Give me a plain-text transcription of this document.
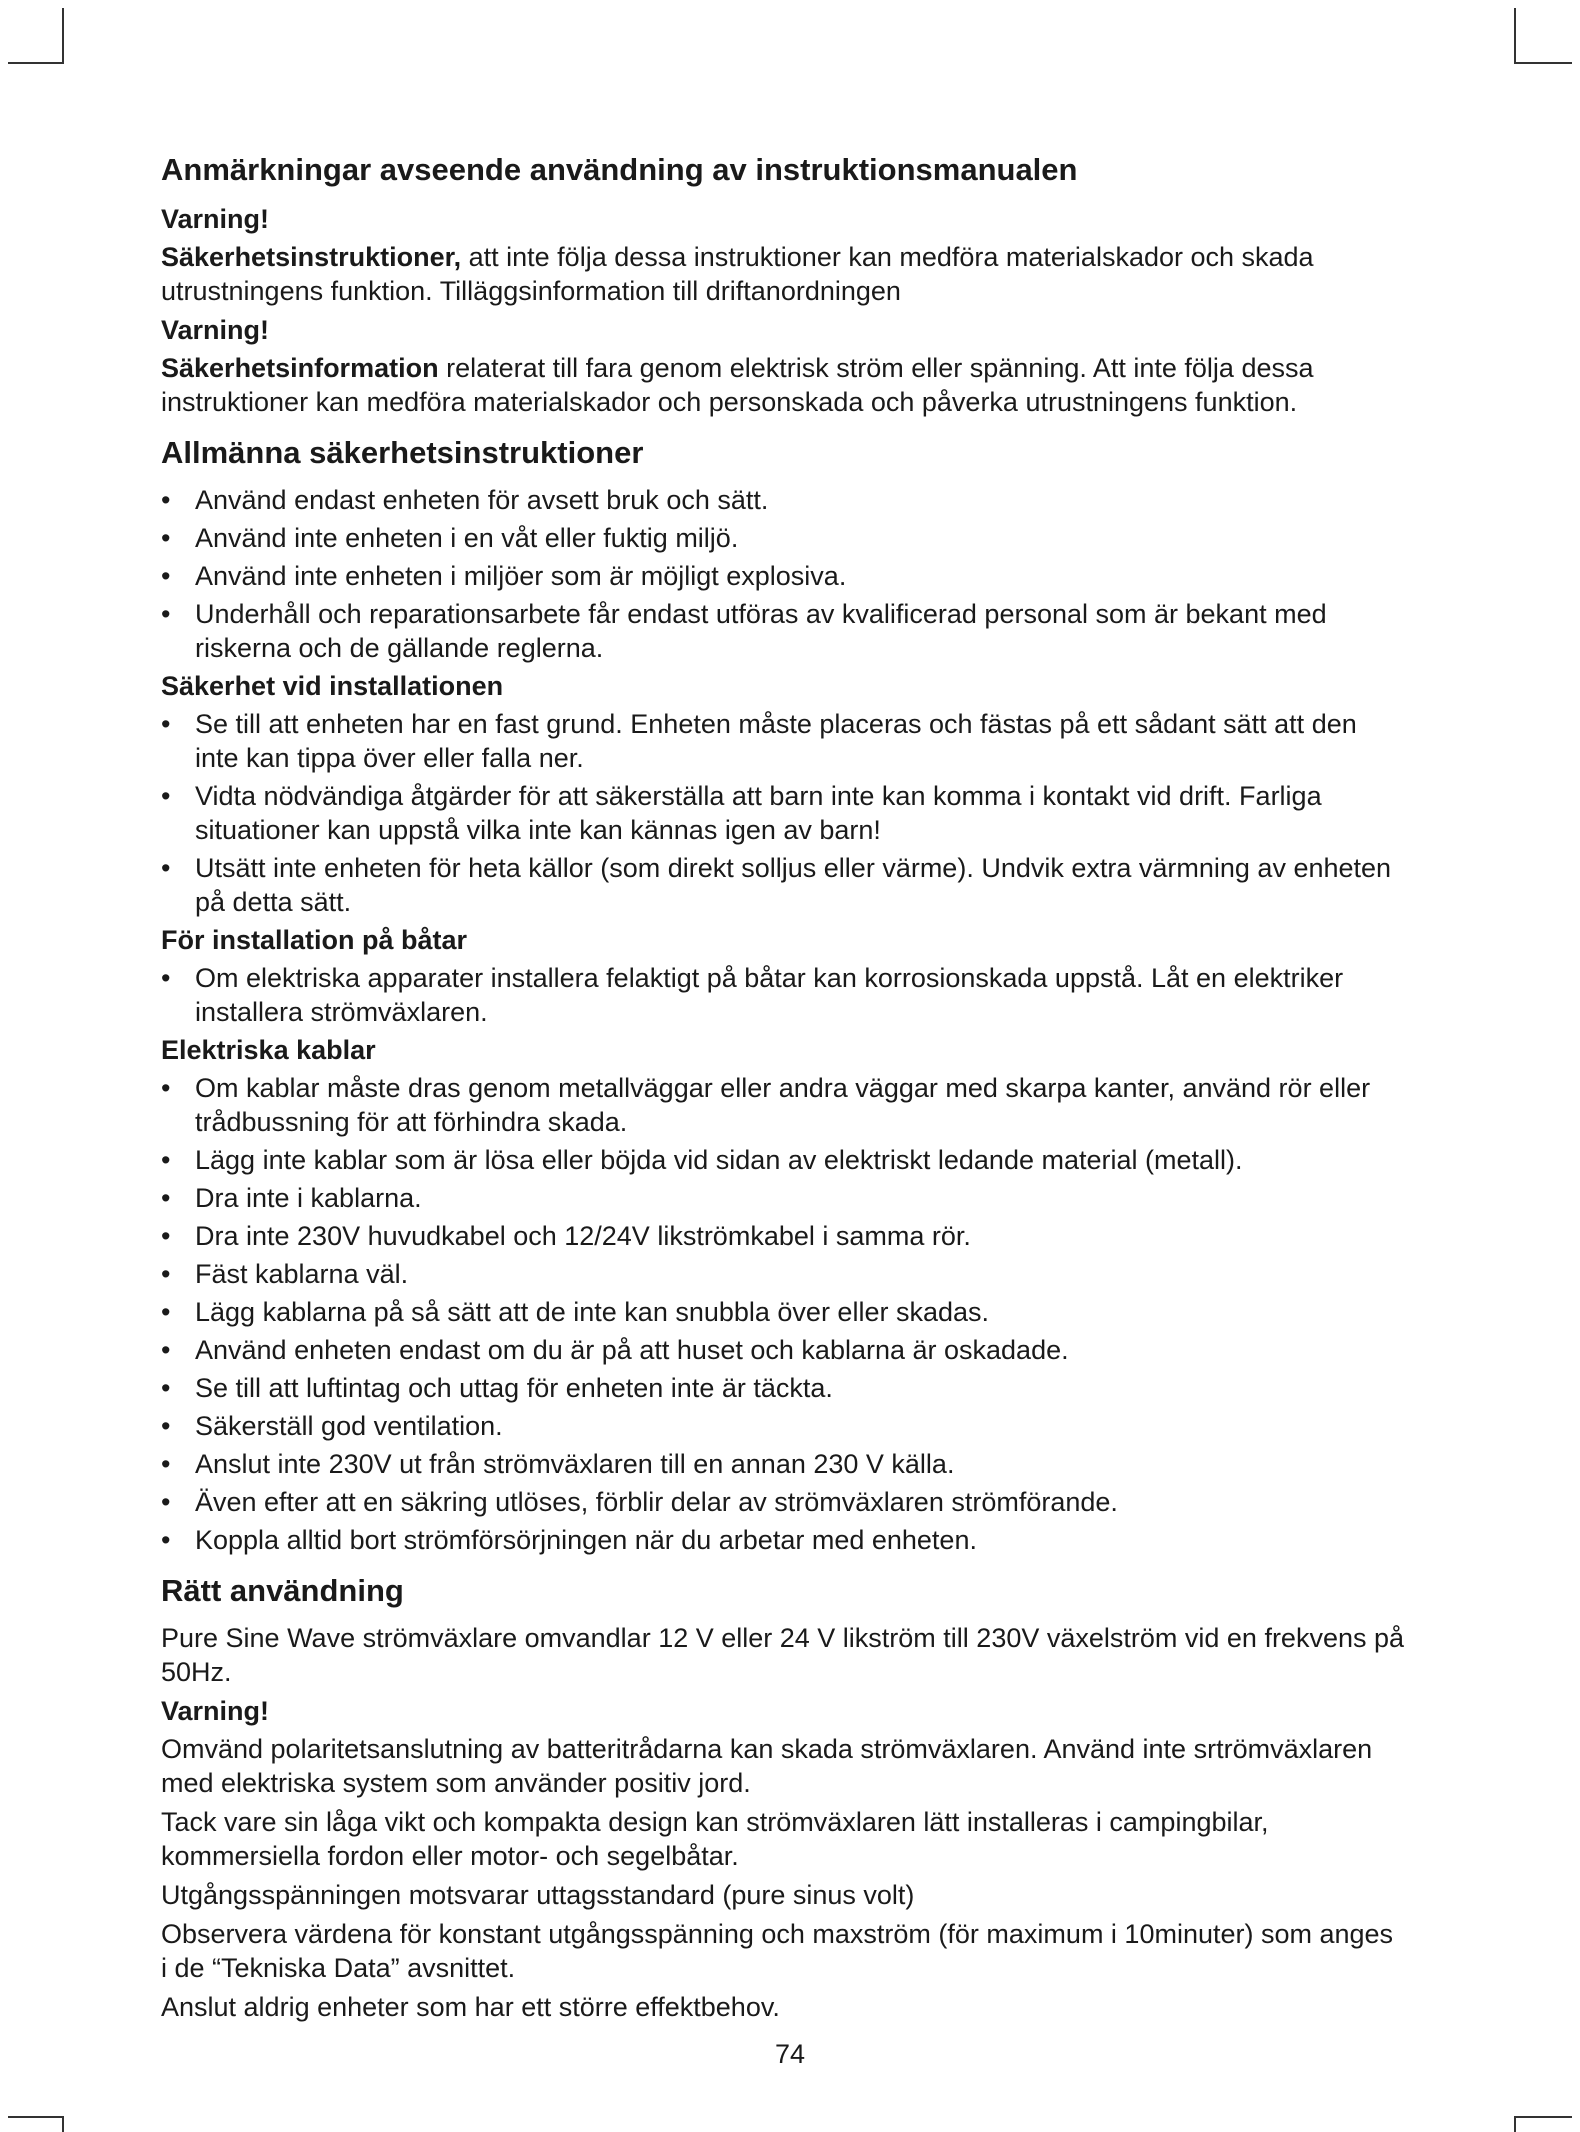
Anmärkningar avseende användning av instruktionsmanualen
Varning!

Säkerhetsinstruktioner, att inte följa dessa instruktioner kan medföra materialskador och skada utrustningens funktion. Tilläggsinformation till driftanordningen

Varning!

Säkerhetsinformation relaterat till fara genom elektrisk ström eller spänning. Att inte följa dessa instruktioner kan medföra materialskador och personskada och påverka utrustningens funktion.

Allmänna säkerhetsinstruktioner
• Använd endast enheten för avsett bruk och sätt.
• Använd inte enheten i en våt eller fuktig miljö.
• Använd inte enheten i miljöer som är möjligt explosiva.
• Underhåll och reparationsarbete får endast utföras av kvalificerad personal som är bekant med riskerna och de gällande reglerna.
Säkerhet vid installationen
• Se till att enheten har en fast grund. Enheten måste placeras och fästas på ett sådant sätt att den inte kan tippa över eller falla ner.
• Vidta nödvändiga åtgärder för att säkerställa att barn inte kan komma i kontakt vid drift. Farliga situationer kan uppstå vilka inte kan kännas igen av barn!
• Utsätt inte enheten för heta källor (som direkt solljus eller värme). Undvik extra värmning av enheten på detta sätt.
För installation på båtar
• Om elektriska apparater installera felaktigt på båtar kan korrosionskada uppstå. Låt en elektriker installera strömväxlaren.
Elektriska kablar
• Om kablar måste dras genom metallväggar eller andra väggar med skarpa kanter, använd rör eller trådbussning för att förhindra skada.
• Lägg inte kablar som är lösa eller böjda vid sidan av elektriskt ledande material (metall).
• Dra inte i kablarna.
• Dra inte 230V huvudkabel och 12/24V likströmkabel i samma rör.
• Fäst kablarna väl.
• Lägg kablarna på så sätt att de inte kan snubbla över eller skadas.
• Använd enheten endast om du är på att huset och kablarna är oskadade.
• Se till att luftintag och uttag för enheten inte är täckta.
• Säkerställ god ventilation.
• Anslut inte 230V ut från strömväxlaren till en annan 230 V källa.
• Även efter att en säkring utlöses, förblir delar av strömväxlaren strömförande.
• Koppla alltid bort strömförsörjningen när du arbetar med enheten.
Rätt användning

Pure Sine Wave strömväxlare omvandlar 12 V eller 24 V likström till 230V växelström vid en frekvens på 50Hz.

Varning!

Omvänd polaritetsanslutning av batteritrådarna kan skada strömväxlaren. Använd inte srtrömväxlaren med elektriska system som använder positiv jord.

Tack vare sin låga vikt och kompakta design kan strömväxlaren lätt installeras i campingbilar, kommersiella fordon eller motor- och segelbåtar.

Utgångsspänningen motsvarar uttagsstandard (pure sinus volt)

Observera värdena för konstant utgångsspänning och maxström (för maximum i 10minuter) som anges i de “Tekniska Data” avsnittet.

Anslut aldrig enheter som har ett större effektbehov.

74
